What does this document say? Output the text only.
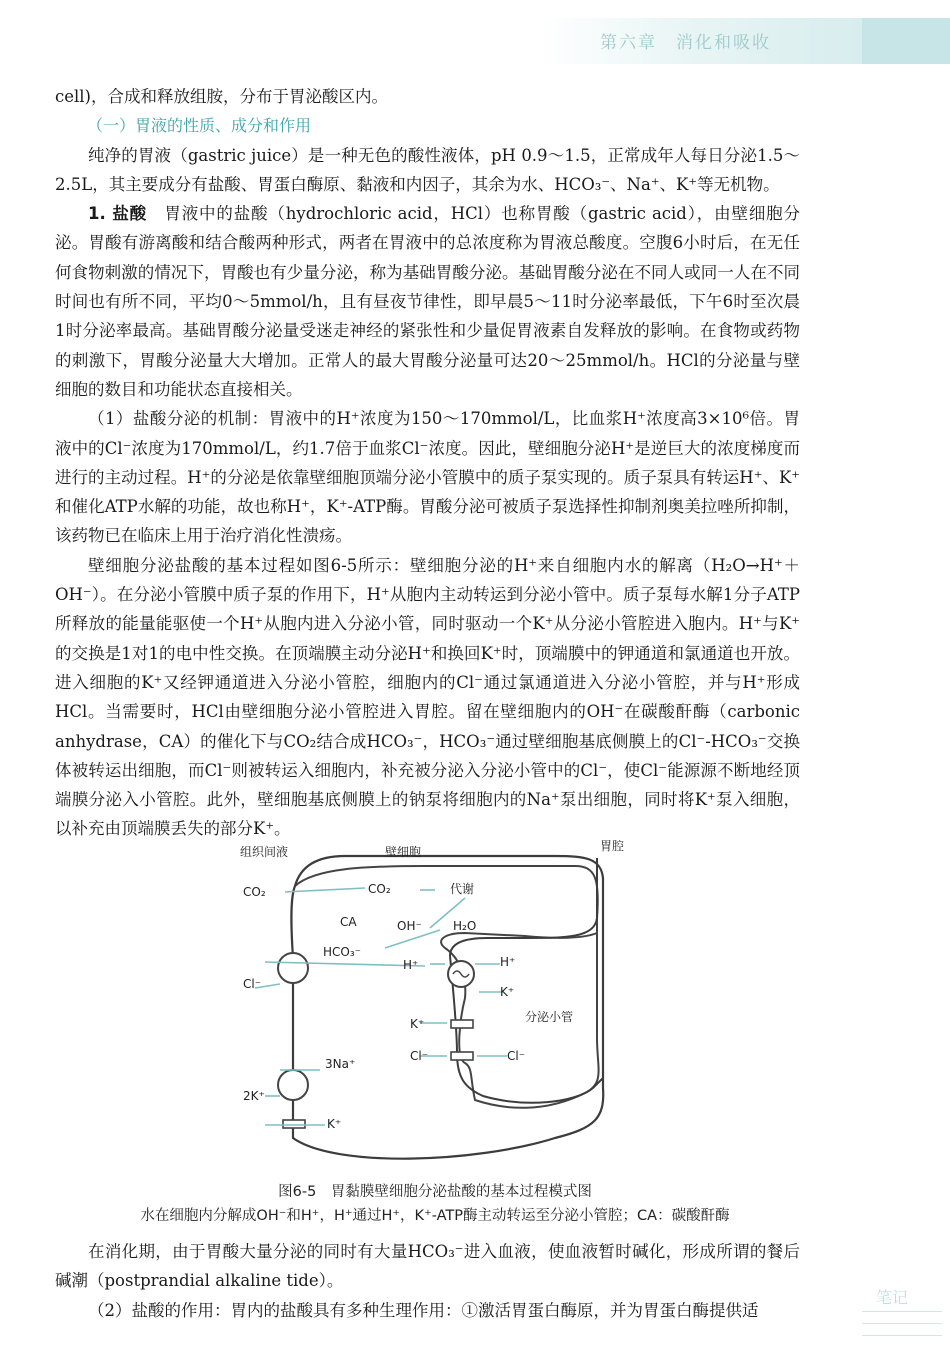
第六章　消化和吸收

cell)，合成和释放组胺，分布于胃泌酸区内。

（一）胃液的性质、成分和作用

纯净的胃液（gastric juice）是一种无色的酸性液体，pH 0.9～1.5，正常成年人每日分泌1.5～2.5L，其主要成分有盐酸、胃蛋白酶原、黏液和内因子，其余为水、HCO₃⁻、Na⁺、K⁺等无机物。

1. 盐酸　 胃液中的盐酸（hydrochloric acid，HCl）也称胃酸（gastric acid），由壁细胞分泌。胃酸有游离酸和结合酸两种形式，两者在胃液中的总浓度称为胃液总酸度。空腹6小时后，在无任何食物刺激的情况下，胃酸也有少量分泌，称为基础胃酸分泌。基础胃酸分泌在不同人或同一人在不同时间也有所不同，平均0～5mmol/h，且有昼夜节律性，即早晨5～11时分泌率最低，下午6时至次晨1时分泌率最高。基础胃酸分泌量受迷走神经的紧张性和少量促胃液素自发释放的影响。在食物或药物的刺激下，胃酸分泌量大大增加。正常人的最大胃酸分泌量可达20～25mmol/h。HCl的分泌量与壁细胞的数目和功能状态直接相关。

（1）盐酸分泌的机制：胃液中的H⁺浓度为150～170mmol/L，比血浆H⁺浓度高3×10⁶倍。胃液中的Cl⁻浓度为170mmol/L，约1.7倍于血浆Cl⁻浓度。因此，壁细胞分泌H⁺是逆巨大的浓度梯度而进行的主动过程。H⁺的分泌是依靠壁细胞顶端分泌小管膜中的质子泵实现的。质子泵具有转运H⁺、K⁺和催化ATP水解的功能，故也称H⁺，K⁺-ATP酶。胃酸分泌可被质子泵选择性抑制剂奥美拉唑所抑制，该药物已在临床上用于治疗消化性溃疡。

壁细胞分泌盐酸的基本过程如图6-5所示：壁细胞分泌的H⁺来自细胞内水的解离（H₂O→H⁺＋OH⁻）。在分泌小管膜中质子泵的作用下，H⁺从胞内主动转运到分泌小管中。质子泵每水解1分子ATP所释放的能量能驱使一个H⁺从胞内进入分泌小管，同时驱动一个K⁺从分泌小管腔进入胞内。H⁺与K⁺的交换是1对1的电中性交换。在顶端膜主动分泌H⁺和换回K⁺时，顶端膜中的钾通道和氯通道也开放。进入细胞的K⁺又经钾通道进入分泌小管腔，细胞内的Cl⁻通过氯通道进入分泌小管腔，并与H⁺形成HCl。当需要时，HCl由壁细胞分泌小管腔进入胃腔。留在壁细胞内的OH⁻在碳酸酐酶（carbonic anhydrase，CA）的催化下与CO₂结合成HCO₃⁻，HCO₃⁻通过壁细胞基底侧膜上的Cl⁻-HCO₃⁻交换体被转运出细胞，而Cl⁻则被转运入细胞内，补充被分泌入分泌小管中的Cl⁻，使Cl⁻能源源不断地经顶端膜分泌入小管腔。此外，壁细胞基底侧膜上的钠泵将细胞内的Na⁺泵出细胞，同时将K⁺泵入细胞，以补充由顶端膜丢失的部分K⁺。

组织间液	壁细胞	胃腔
CO₂	CO₂	代谢
CA	OH⁻	H₂O
HCO₃⁻
H⁺	H⁺
K⁺
Cl⁻
K⁺	分泌小管
Cl⁻	Cl⁻
3Na⁺
2K⁺
K⁺
图6-5　胃黏膜壁细胞分泌盐酸的基本过程模式图
水在细胞内分解成OH⁻和H⁺，H⁺通过H⁺，K⁺-ATP酶主动转运至分泌小管腔；CA：碳酸酐酶

在消化期，由于胃酸大量分泌的同时有大量HCO₃⁻进入血液，使血液暂时碱化，形成所谓的餐后碱潮（postprandial alkaline tide）。

（2）盐酸的作用：胃内的盐酸具有多种生理作用：①激活胃蛋白酶原，并为胃蛋白酶提供适

笔记
